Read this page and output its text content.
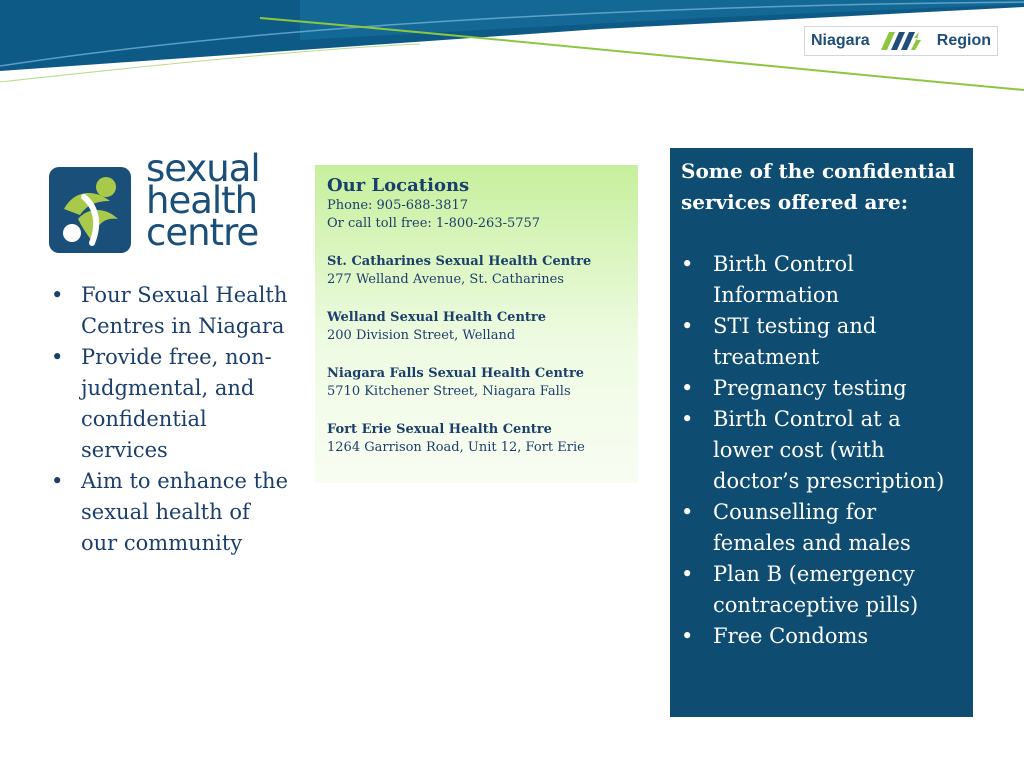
Niagara	Region
sexual
health
centre
• Four Sexual Health Centres in Niagara
• Provide free, non-judgmental, and confidential services
• Aim to enhance the sexual health of our community
Our Locations
Phone: 905-688-3817
Or call toll free: 1-800-263-5757
St. Catharines Sexual Health Centre
277 Welland Avenue, St. Catharines
Welland Sexual Health Centre
200 Division Street, Welland
Niagara Falls Sexual Health Centre
5710 Kitchener Street, Niagara Falls
Fort Erie Sexual Health Centre
1264 Garrison Road, Unit 12, Fort Erie
Some of the confidential services offered are:
• Birth Control Information
• STI testing and treatment
• Pregnancy testing
• Birth Control at a lower cost (with doctor’s prescription)
• Counselling for females and males
• Plan B (emergency contraceptive pills)
• Free Condoms
